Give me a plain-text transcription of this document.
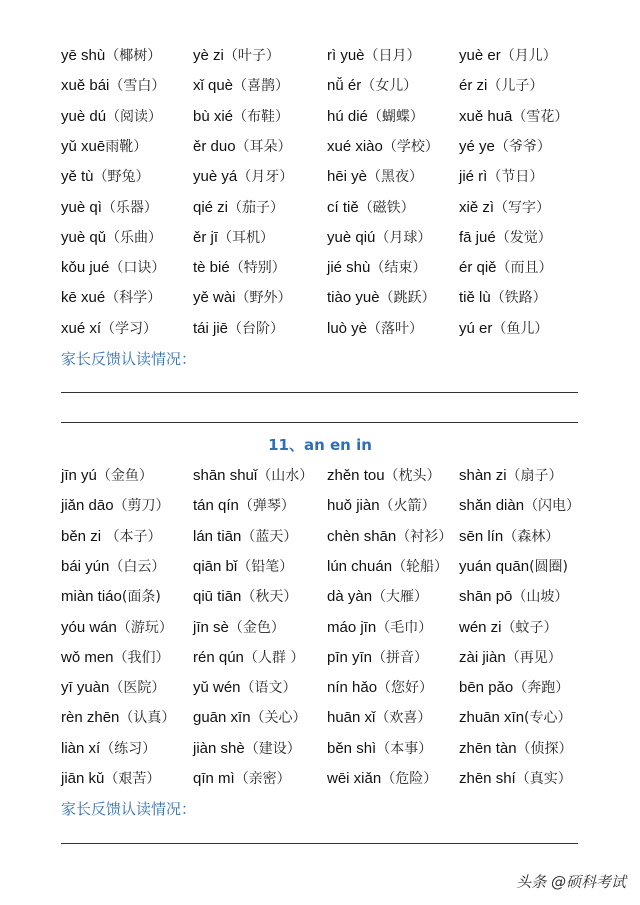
yē shù（椰树） yè zi（叶子）	rì yuè（日月）	yuè er（月儿）
xuě bái（雪白） xǐ què（喜鹊）	nǚ ér（女儿）	ér zi（儿子）
yuè dú（阅读） bù xié（布鞋）	hú dié（蝴蝶） xuě huā（雪花）
yǔ xuē雨靴）	ěr duo（耳朵） xué xiào（学校） yé ye（爷爷）
yě tù（野兔）	yuè yá（月牙） hēi yè（黑夜） jié rì（节日）
yuè qì（乐器） qié zi（茄子）	cí tiě（磁铁）	xiě zì（写字）
yuè qǔ（乐曲） ěr jī（耳机）	yuè qiú（月球） fā jué（发觉）
kǒu jué（口诀） tè bié（特别）	jié shù（结束） ér qiě（而且）
kē xué（科学） yě wài（野外） tiào yuè（跳跃） tiě lù（铁路）
xué xí（学习） tái jiē（台阶）	luò yè（落叶） yú er（鱼儿）
家长反馈认读情况：
11、an en in
jīn yú（金鱼）	shān shuǐ（山水） zhěn tou（枕头） shàn zi（扇子）
jiǎn dāo（剪刀） tán qín（弹琴） huǒ jiàn（火箭） shǎn diàn（闪电）
běn zi （本子） lán tiān（蓝天） chèn shān（衬衫） sēn lín（森林）
bái yún（白云） qiān bǐ（铅笔） lún chuán（轮船） yuán quān(圆圈)
miàn tiáo(面条) qiū tiān（秋天） dà yàn（大雁） shān pō（山坡）
yóu wán（游玩） jīn sè（金色）	máo jīn（毛巾） wén zi（蚊子）
wǒ men（我们） rén qún（人群 ） pīn yīn（拼音） zài jiàn（再见）
yī yuàn（医院） yǔ wén（语文） nín hǎo（您好） bēn pǎo（奔跑）
rèn zhēn（认真） guān xīn（关心） huān xǐ（欢喜） zhuān xīn(专心）
liàn xí（练习） jiàn shè（建设） běn shì（本事） zhēn tàn（侦探）
jiān kǔ（艰苦） qīn mì（亲密） wēi xiǎn（危险） zhēn shí（真实）
家长反馈认读情况：
头条 @硕科考试
